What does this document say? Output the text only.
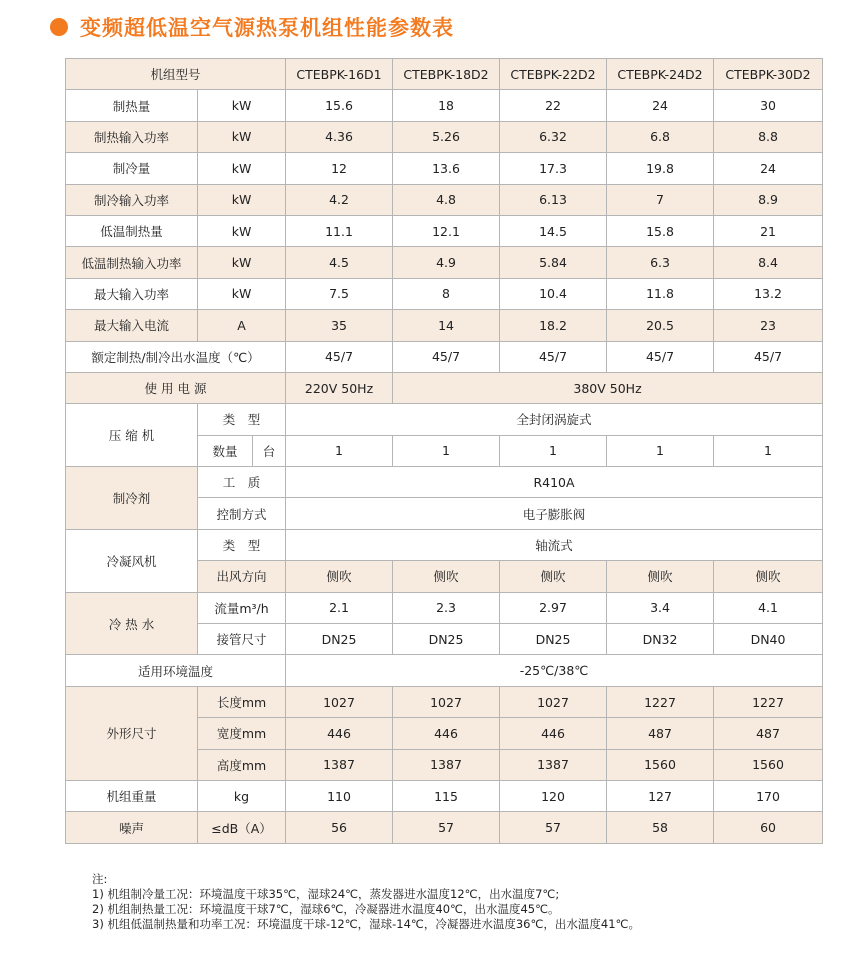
变频超低温空气源热泵机组性能参数表
机组型号			CTEBPK-16D1	CTEBPK-18D2	CTEBPK-22D2	CTEBPK-24D2	CTEBPK-30D2
制热量	kW		15.6	18	22	24	30
制热输入功率	kW		4.36	5.26	6.32	6.8	8.8
制冷量	kW		12	13.6	17.3	19.8	24
制冷输入功率	kW		4.2	4.8	6.13	7	8.9
低温制热量	kW		11.1	12.1	14.5	15.8	21
低温制热输入功率	kW		4.5	4.9	5.84	6.3	8.4
最大输入功率	kW		7.5	8	10.4	11.8	13.2
最大输入电流	A		35	14	18.2	20.5	23
额定制热/制冷出水温度（℃）			45/7	45/7	45/7	45/7	45/7
使 用 电 源			220V 50Hz	380V 50Hz			
压 缩 机	类　型		全封闭涡旋式				
	数量	台	1	1	1	1	1
制冷剂	工　质		R410A				
	控制方式		电子膨胀阀				
冷凝风机	类　型		轴流式				
	出风方向		侧吹	侧吹	侧吹	侧吹	侧吹
冷 热 水	流量m³/h		2.1	2.3	2.97	3.4	4.1
	接管尺寸		DN25	DN25	DN25	DN32	DN40
适用环境温度			-25℃/38℃				
外形尺寸	长度mm		1027	1027	1027	1227	1227
	宽度mm		446	446	446	487	487
	高度mm		1387	1387	1387	1560	1560
机组重量	kg		110	115	120	127	170
噪声	≤dB（A）		56	57	57	58	60
注:
1) 机组制冷量工况：环境温度干球35℃，湿球24℃，蒸发器进水温度12℃，出水温度7℃;
2) 机组制热量工况：环境温度干球7℃，湿球6℃，冷凝器进水温度40℃，出水温度45℃。
3) 机组低温制热量和功率工况：环境温度干球-12℃，湿球-14℃，冷凝器进水温度36℃，出水温度41℃。
